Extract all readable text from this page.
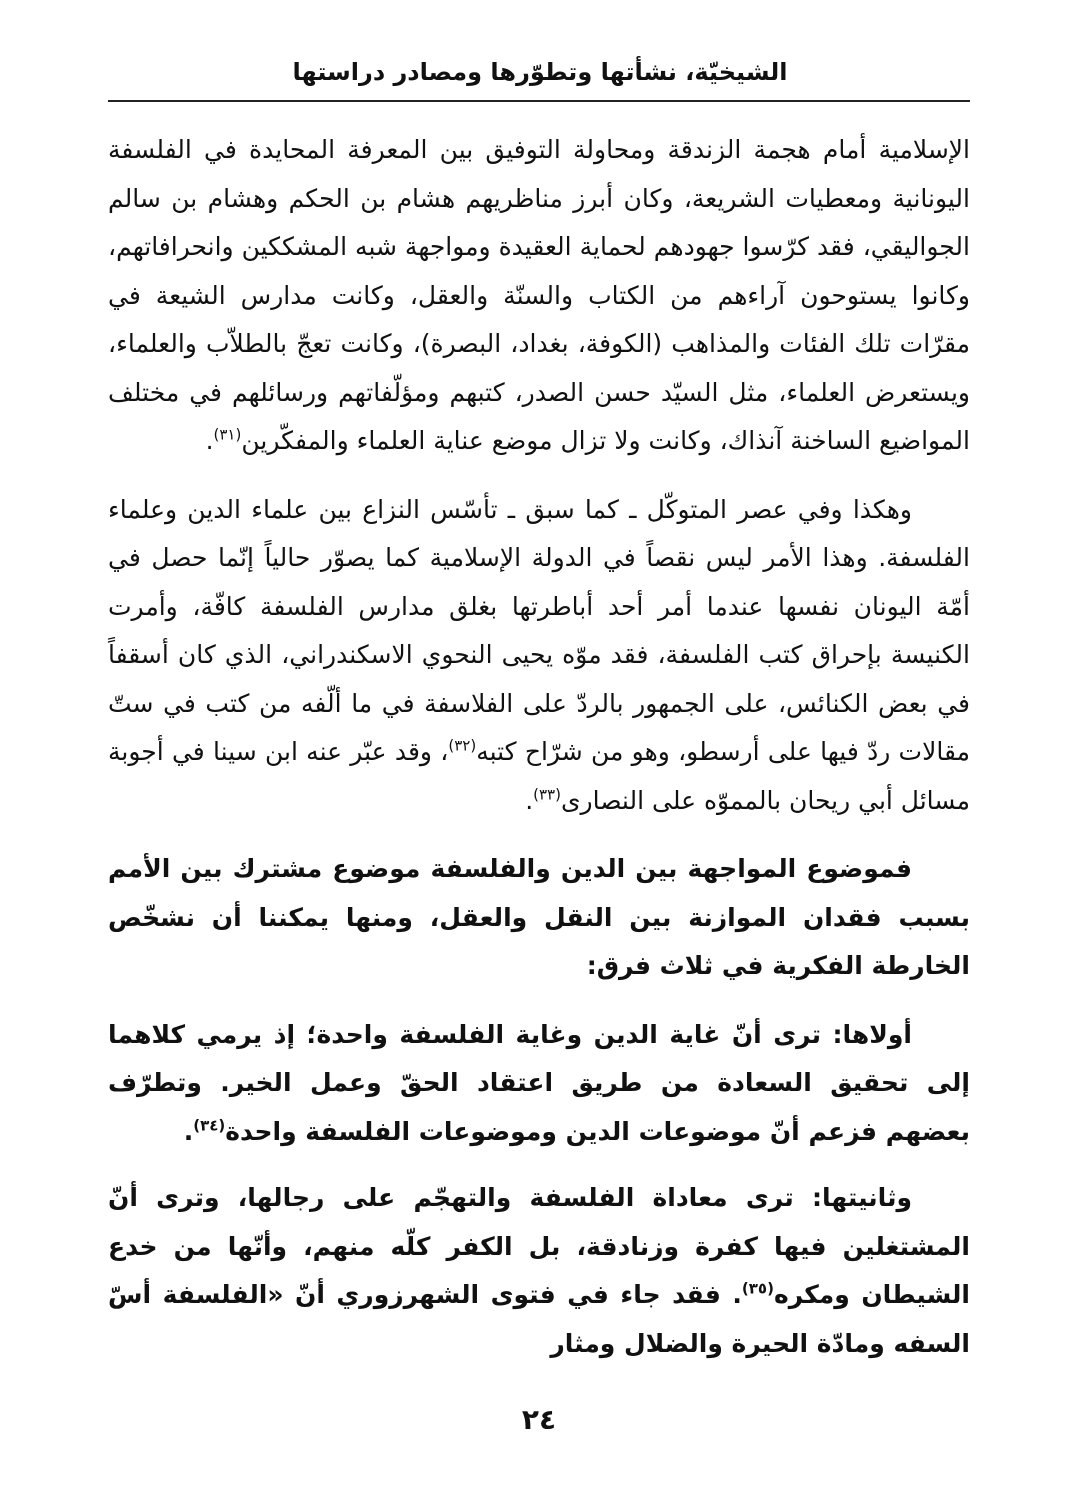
الشيخيّة، نشأتها وتطوّرها ومصادر دراستها

الإسلامية أمام هجمة الزندقة ومحاولة التوفيق بين المعرفة المحايدة في الفلسفة اليونانية ومعطيات الشريعة، وكان أبرز مناظريهم هشام بن الحكم وهشام بن سالم الجواليقي، فقد كرّسوا جهودهم لحماية العقيدة ومواجهة شبه المشككين وانحرافاتهم، وكانوا يستوحون آراءهم من الكتاب والسنّة والعقل، وكانت مدارس الشيعة في مقرّات تلك الفئات والمذاهب (الكوفة، بغداد، البصرة)، وكانت تعجّ بالطلاّب والعلماء، ويستعرض العلماء، مثل السيّد حسن الصدر، كتبهم ومؤلّفاتهم ورسائلهم في مختلف المواضيع الساخنة آنذاك، وكانت ولا تزال موضع عناية العلماء والمفكّرين$^{(٣١)}$.

وهكذا وفي عصر المتوكّل ـ كما سبق ـ تأسّس النزاع بين علماء الدين وعلماء الفلسفة. وهذا الأمر ليس نقصاً في الدولة الإسلامية كما يصوّر حالياً إنّما حصل في أمّة اليونان نفسها عندما أمر أحد أباطرتها بغلق مدارس الفلسفة كافّة، وأمرت الكنيسة بإحراق كتب الفلسفة، فقد موّه يحيى النحوي الاسكندراني، الذي كان أسقفاً في بعض الكنائس، على الجمهور بالردّ على الفلاسفة في ما ألّفه من كتب في ستّ مقالات ردّ فيها على أرسطو، وهو من شرّاح كتبه$^{(٣٢)}$، وقد عبّر عنه ابن سينا في أجوبة مسائل أبي ريحان بالمموّه على النصارى$^{(٣٣)}$.

فموضوع المواجهة بين الدين والفلسفة موضوع مشترك بين الأمم بسبب فقدان الموازنة بين النقل والعقل، ومنها يمكننا أن نشخّص الخارطة الفكرية في ثلاث فرق:

أولاها: ترى أنّ غاية الدين وغاية الفلسفة واحدة؛ إذ يرمي كلاهما إلى تحقيق السعادة من طريق اعتقاد الحقّ وعمل الخير. وتطرّف بعضهم فزعم أنّ موضوعات الدين وموضوعات الفلسفة واحدة$^{(٣٤)}$.

وثانيتها: ترى معاداة الفلسفة والتهجّم على رجالها، وترى أنّ المشتغلين فيها كفرة وزنادقة، بل الكفر كلّه منهم، وأنّها من خدع الشيطان ومكره$^{(٣٥)}$. فقد جاء في فتوى الشهرزوري أنّ «الفلسفة أسّ السفه ومادّة الحيرة والضلال ومثار

٢٤
